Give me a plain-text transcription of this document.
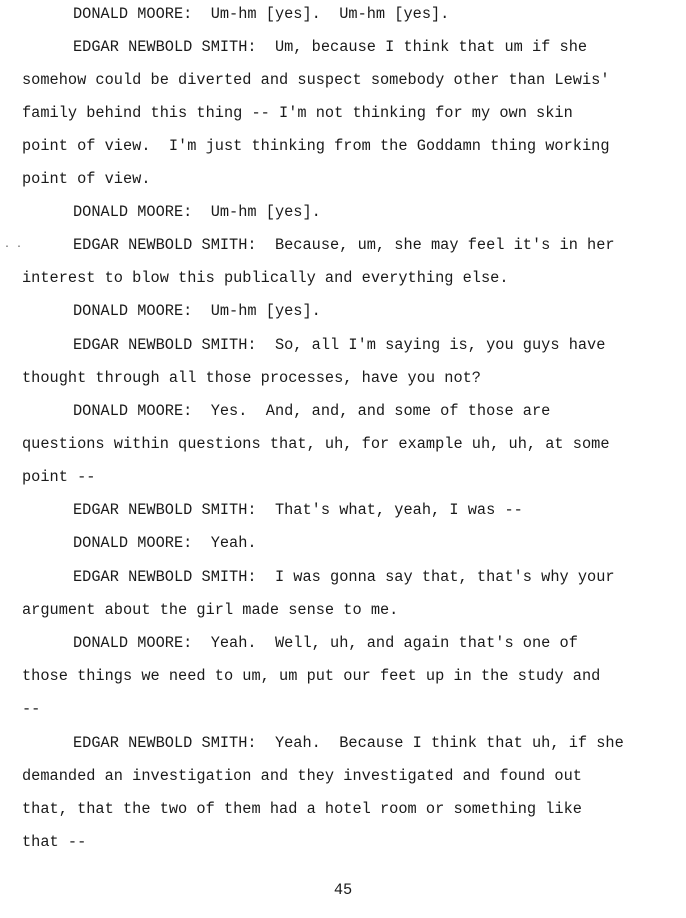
DONALD MOORE:  Um-hm [yes].  Um-hm [yes].
EDGAR NEWBOLD SMITH:  Um, because I think that um if she
somehow could be diverted and suspect somebody other than Lewis'
family behind this thing -- I'm not thinking for my own skin
point of view.  I'm just thinking from the Goddamn thing working
point of view.
DONALD MOORE:  Um-hm [yes].
. .	EDGAR NEWBOLD SMITH:  Because, um, she may feel it's in her
interest to blow this publically and everything else.
DONALD MOORE:  Um-hm [yes].
EDGAR NEWBOLD SMITH:  So, all I'm saying is, you guys have
thought through all those processes, have you not?
DONALD MOORE:  Yes.  And, and, and some of those are
questions within questions that, uh, for example uh, uh, at some
point --
EDGAR NEWBOLD SMITH:  That's what, yeah, I was --
DONALD MOORE:  Yeah.
EDGAR NEWBOLD SMITH:  I was gonna say that, that's why your
argument about the girl made sense to me.
DONALD MOORE:  Yeah.  Well, uh, and again that's one of
those things we need to um, um put our feet up in the study and
--
EDGAR NEWBOLD SMITH:  Yeah.  Because I think that uh, if she
demanded an investigation and they investigated and found out
that, that the two of them had a hotel room or something like
that --
45
